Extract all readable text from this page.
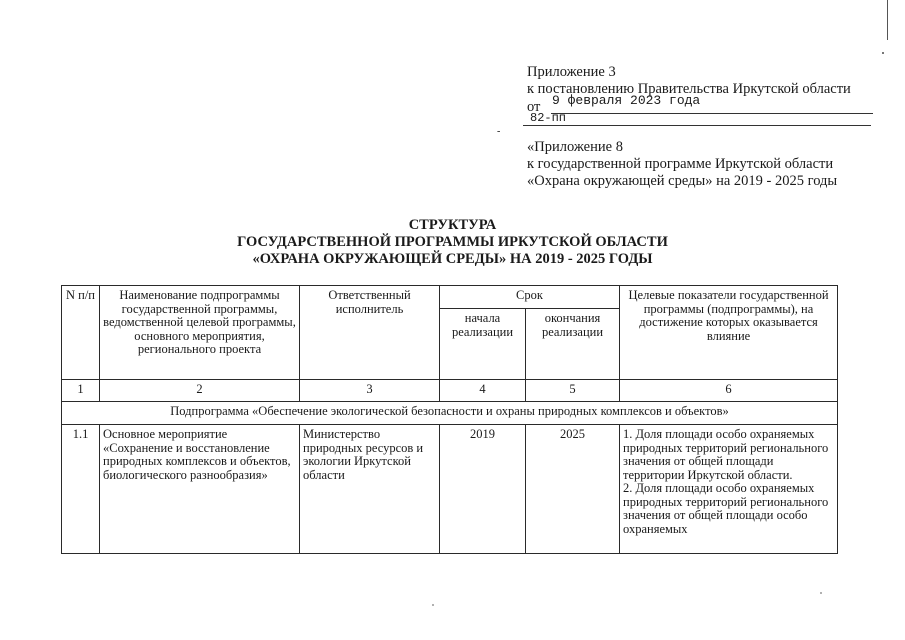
Приложение 3
к постановлению Правительства Иркутской области
от 9 февраля 2023 года
-
82-пп
«Приложение 8
к государственной программе Иркутской области
«Охрана окружающей среды» на 2019 - 2025 годы
СТРУКТУРА
ГОСУДАРСТВЕННОЙ ПРОГРАММЫ ИРКУТСКОЙ ОБЛАСТИ
«ОХРАНА ОКРУЖАЮЩЕЙ СРЕДЫ» НА 2019 - 2025 ГОДЫ
N п/п	Наименование подпрограммы государственной программы, ведомственной целевой программы, основного мероприятия, регионального проекта	Ответственный исполнитель	Срок		Целевые показатели государственной программы (подпрограммы), на достижение которых оказывается влияние
			начала реализации	окончания реализации	
1	2	3	4	5	6
Подпрограмма «Обеспечение экологической безопасности и охраны природных комплексов и объектов»					
1.1	Основное мероприятие «Сохранение и восстановление природных комплексов и объектов, биологического разнообразия»	Министерство природных ресурсов и экологии Иркутской области	2019	2025	1. Доля площади особо охраняемых природных территорий регионального значения от общей площади территории Иркутской области.
2. Доля площади особо охраняемых природных территорий регионального значения от общей площади особо охраняемых
